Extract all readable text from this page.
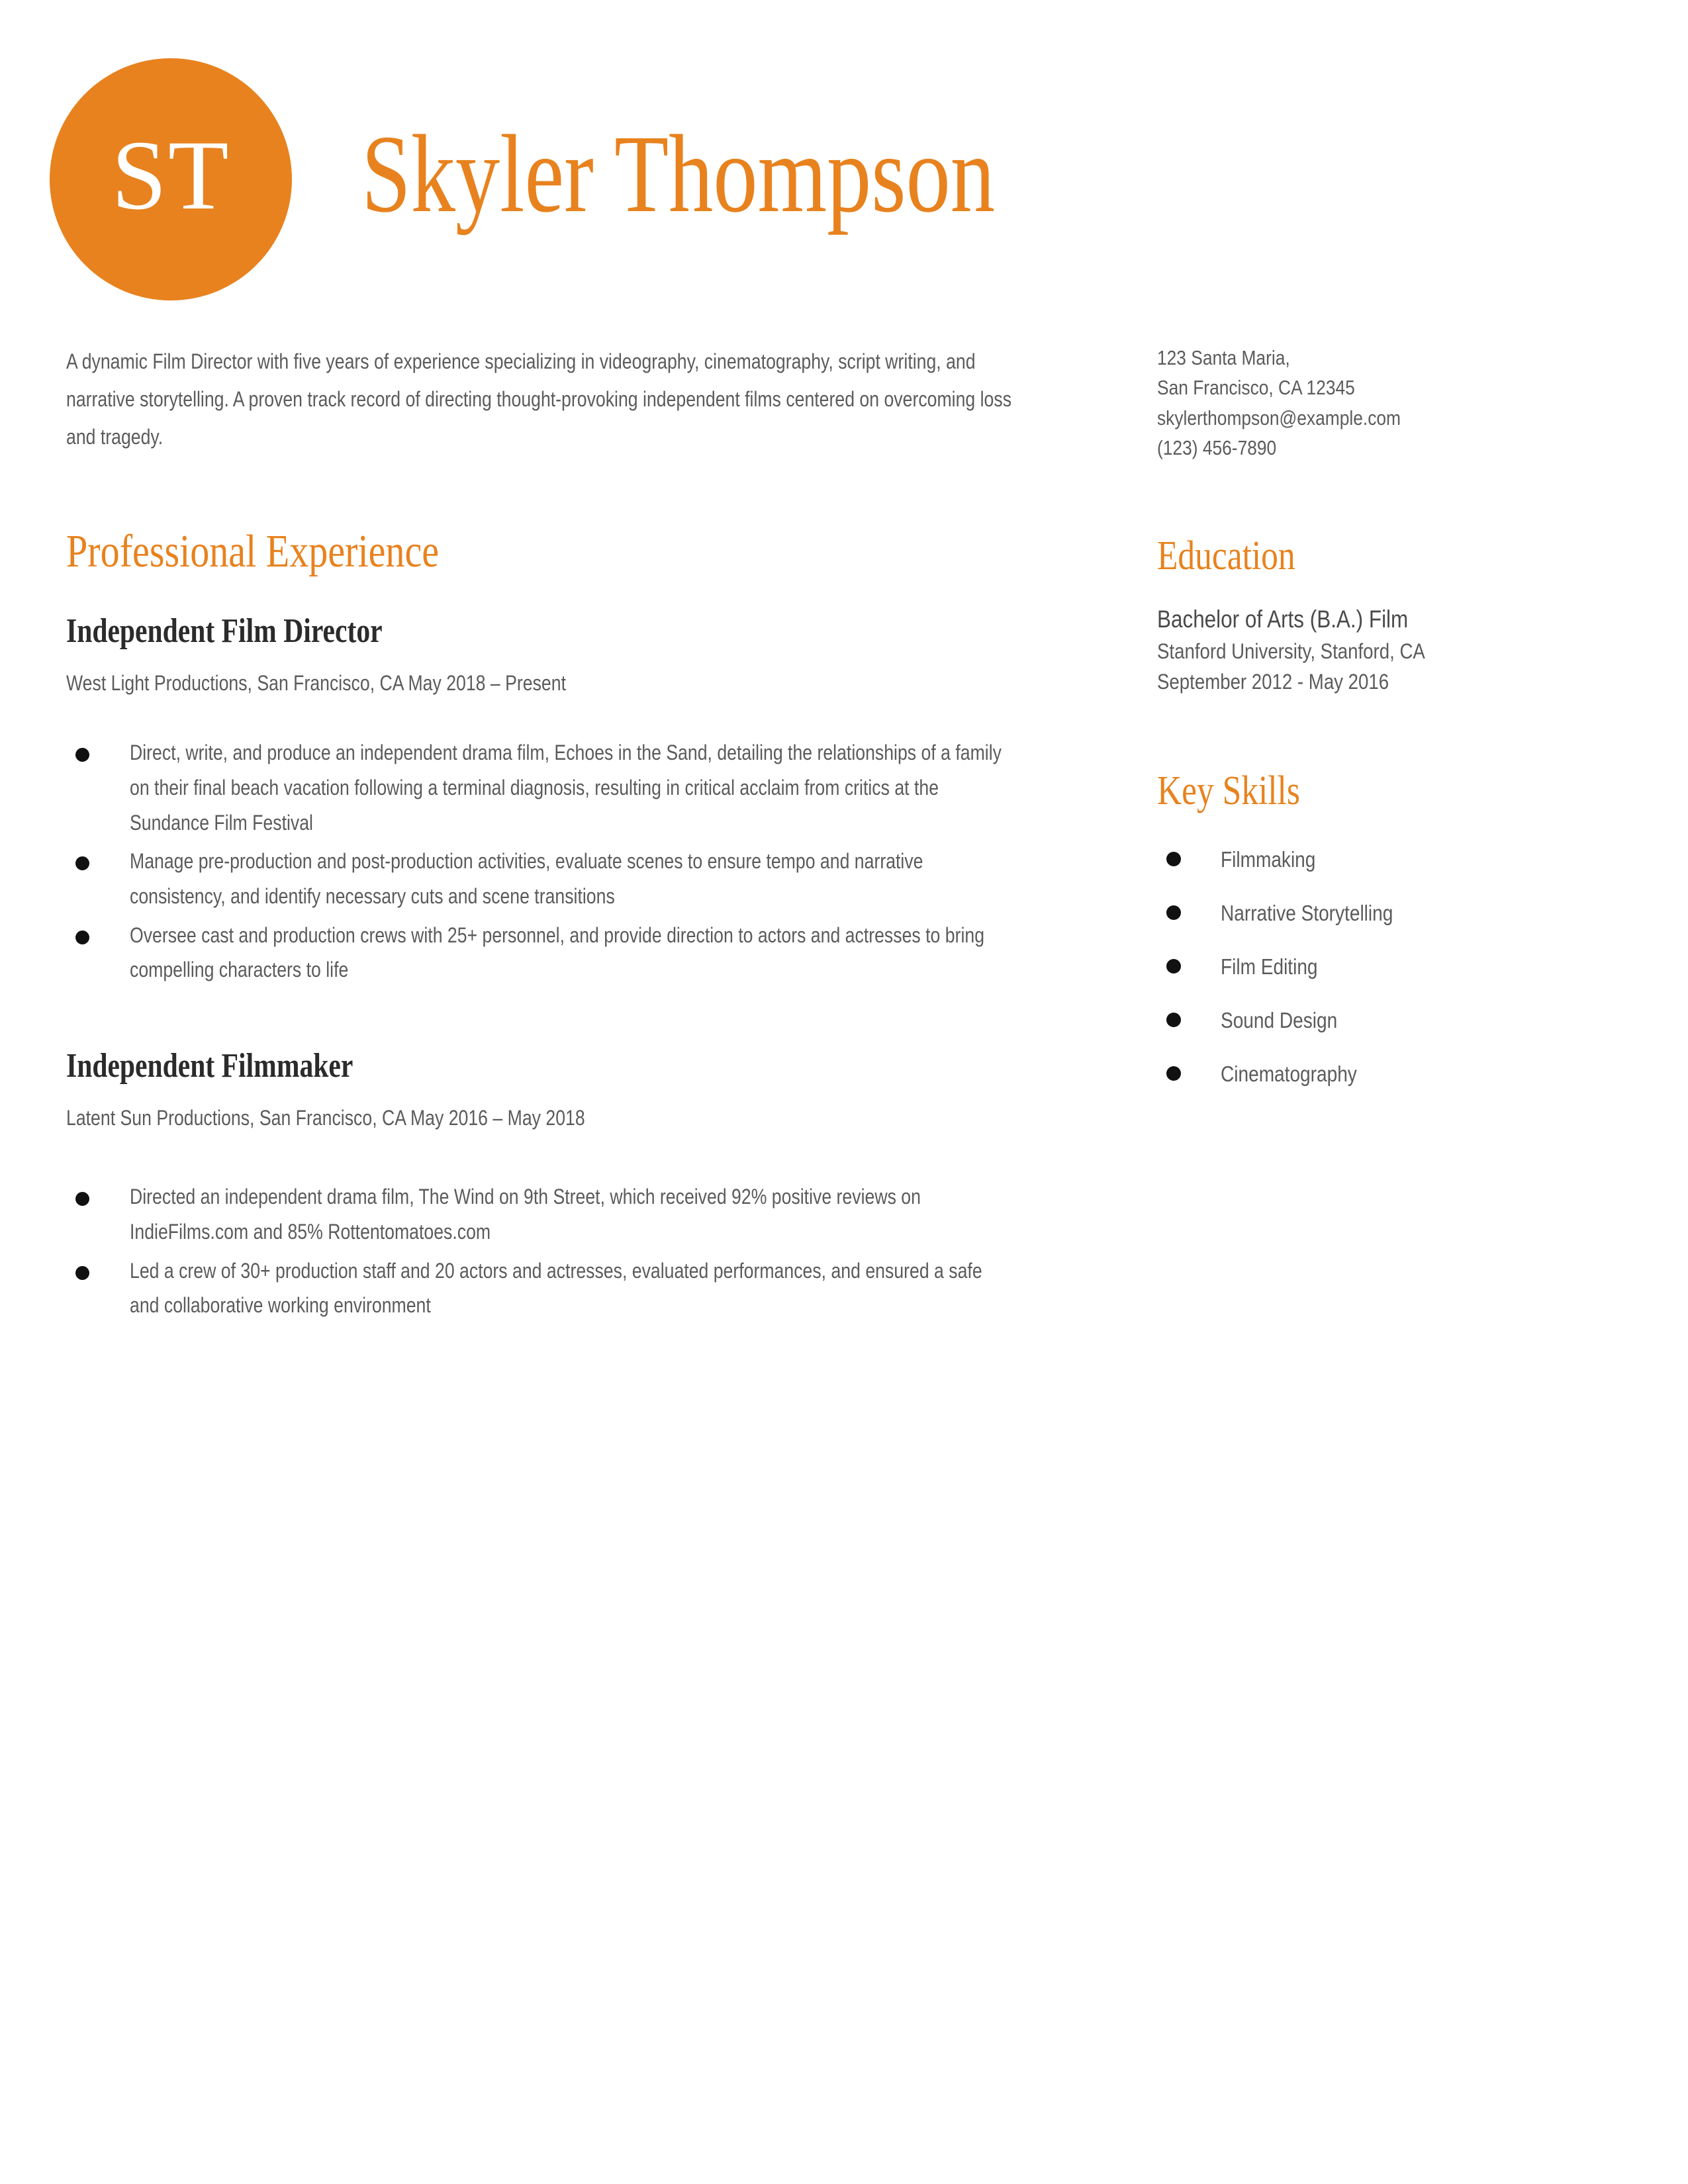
ST Skyler Thompson
A dynamic Film Director with five years of experience specializing in videography, cinematography, script writing, and narrative storytelling. A proven track record of directing thought-provoking independent films centered on overcoming loss and tragedy.
Professional Experience
Independent Film Director
West Light Productions, San Francisco, CA May 2018 – Present
Direct, write, and produce an independent drama film, Echoes in the Sand, detailing the relationships of a family on their final beach vacation following a terminal diagnosis, resulting in critical acclaim from critics at the Sundance Film Festival
Manage pre-production and post-production activities, evaluate scenes to ensure tempo and narrative consistency, and identify necessary cuts and scene transitions
Oversee cast and production crews with 25+ personnel, and provide direction to actors and actresses to bring compelling characters to life
Independent Filmmaker
Latent Sun Productions, San Francisco, CA May 2016 – May 2018
Directed an independent drama film, The Wind on 9th Street, which received 92% positive reviews on IndieFilms.com and 85% Rottentomatoes.com
Led a crew of 30+ production staff and 20 actors and actresses, evaluated performances, and ensured a safe and collaborative working environment
123 Santa Maria,
San Francisco, CA 12345
skylerthompson@example.com
(123) 456-7890
Education
Bachelor of Arts (B.A.) Film
Stanford University, Stanford, CA
September 2012 - May 2016
Key Skills
Filmmaking
Narrative Storytelling
Film Editing
Sound Design
Cinematography
